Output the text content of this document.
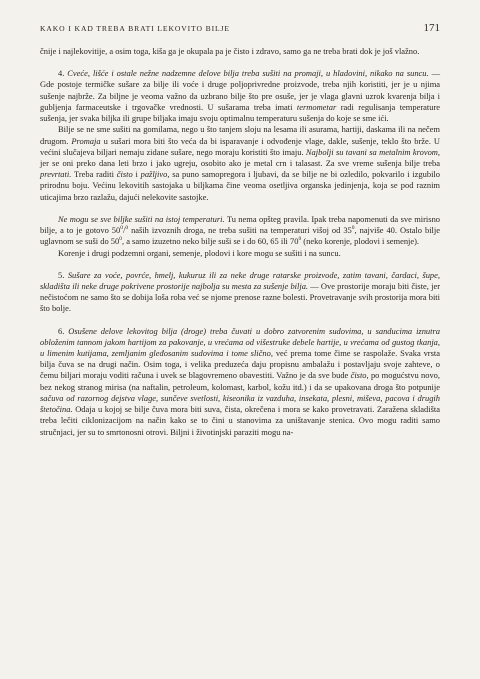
KAKO I KAD TREBA BRATI LEKOVITO BILJE	171

čnije i najlekovitije, a osim toga, kiša ga je okupala pa je čisto i zdravo, samo ga ne treba brati dok je još vlažno.

4. Cveće, lišće i ostale nežne nadzemne delove bilja treba sušiti na promaji, u hladovini, nikako na suncu. — Gde postoje termičke sušare za bilje ili voće i druge poljoprivredne proizvode, treba njih koristiti, jer je u njima sušenje najbrže. Za biljne je veoma važno da uzbrano bilje što pre osuše, jer je vlaga glavni uzrok kvarenja bilja i gubljenja farmaceutske i trgovačke vrednosti. U sušarama treba imati termometar radi regulisanja temperature sušenja, jer svaka biljka ili grupe biljaka imaju svoju optimalnu temperaturu sušenja do koje se sme ići.

Bilje se ne sme sušiti na gomilama, nego u što tanjem sloju na lesama ili asurama, hartiji, daskama ili na nečem drugom. Promaja u sušari mora biti što veća da bi isparavanje i odvođenje vlage, dakle, sušenje, teklo što brže. U većini slučajeva biljari nemaju zidane sušare, nego moraju koristiti što imaju. Najbolji su tavani sa metalnim krovom, jer se oni preko dana leti brzo i jako ugreju, osobito ako je metal crn i talasast. Za sve vreme sušenja bilje treba prevrtati. Treba raditi čisto i pažljivo, sa puno samopregora i ljubavi, da se bilje ne bi ozledilo, pokvarilo i izgubilo prirodnu boju. Većinu lekovitih sastojaka u biljkama čine veoma osetljiva organska jedinjenja, koja se pod raznim uticajima brzo razlažu, dajući nelekovite sastojke.

Ne mogu se sve biljke sušiti na istoj temperaturi. Tu nema opšteg pravila. Ipak treba napomenuti da sve mirisno bilje, a to je gotovo $50^0/^0$ naših izvoznih droga, ne treba sušiti na temperaturi višoj od $35^0$, najviše 40. Ostalo bilje uglavnom se suši do $50^0$, a samo izuzetno neko bilje suši se i do 60, 65 ili $70^0$ (neko korenje, plodovi i semenje).

Korenje i drugi podzemni organi, semenje, plodovi i kore mogu se sušiti i na suncu.

5. Sušare za voće, povrće, hmelj, kukuruz ili za neke druge ratarske proizvode, zatim tavani, čardaci, šupe, skladišta ili neke druge pokrivene prostorije najbolja su mesta za sušenje bilja. — Ove prostorije moraju biti čiste, jer nečistoćom ne samo što se dobija loša roba već se njome prenose razne bolesti. Provetravanje svih prostorija mora biti što bolje.

6. Osušene delove lekovitog bilja (droge) treba čuvati u dobro zatvorenim sudovima, u sanducima iznutra obloženim tannom jakom hartijom za pakovanje, u vrećama od višestruke debele hartije, u vrećama od gustog tkanja, u limenim kutijama, zemljanim gleđosanim sudovima i tome slično, već prema tome čime se raspolaže. Svaka vrsta bilja čuva se na drugi način. Osim toga, i velika preduzeća daju propisnu ambalažu i postavljaju svoje zahteve, o čemu biljari moraju voditi računa i uvek se blagovremeno obavestiti. Važno je da sve bude čisto, po mogućstvu novo, bez nekog stranog mirisa (na naftalin, petroleum, kolomast, karbol, kožu itd.) i da se upakovana droga što potpunije sačuva od razornog dejstva vlage, sunčeve svetlosti, kiseonika iz vazduha, insekata, plesni, miševa, pacova i drugih štetočina. Odaja u kojoj se bilje čuva mora biti suva, čista, okrečena i mora se kako provetravati. Zaražena skladišta treba lečiti ciklonizacijom na način kako se to čini u stanovima za uništavanje stenica. Ovo mogu raditi samo stručnjaci, jer su to smrtonosni otrovi. Biljni i životinjski paraziti mogu na-
